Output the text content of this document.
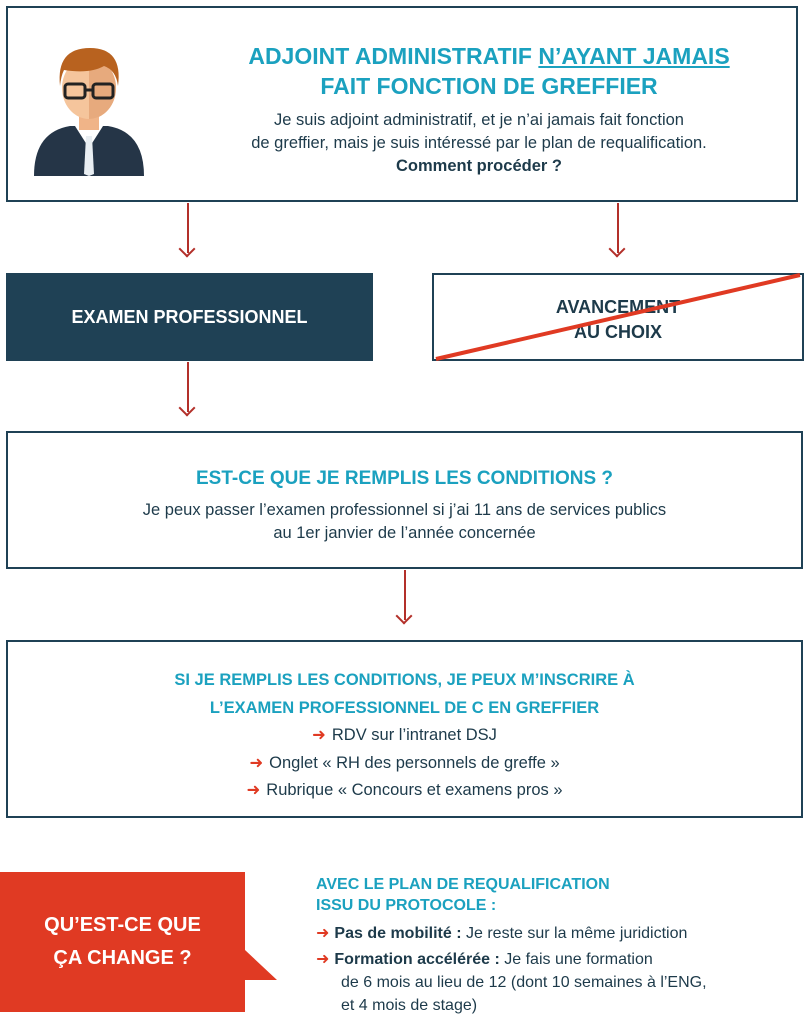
ADJOINT ADMINISTRATIF N’AYANT JAMAIS
FAIT FONCTION DE GREFFIER
Je suis adjoint administratif, et je n’ai jamais fait fonction
de greffier, mais je suis intéressé par le plan de requalification.
Comment procéder ?
EXAMEN PROFESSIONNEL	AVANCEMENT
AU CHOIX
EST-CE QUE JE REMPLIS LES CONDITIONS ?
Je peux passer l’examen professionnel si j’ai 11 ans de services publics
au 1er janvier de l’année concernée
SI JE REMPLIS LES CONDITIONS, JE PEUX M’INSCRIRE À
L’EXAMEN PROFESSIONNEL DE C EN GREFFIER
➜ RDV sur l’intranet DSJ
➜ Onglet « RH des personnels de greffe »
➜ Rubrique « Concours et examens pros »
QU’EST-CE QUE
ÇA CHANGE ?
AVEC LE PLAN DE REQUALIFICATION
ISSU DU PROTOCOLE :
➜ Pas de mobilité : Je reste sur la même juridiction
➜ Formation accélérée : Je fais une formation
de 6 mois au lieu de 12 (dont 10 semaines à l’ENG,
et 4 mois de stage)
